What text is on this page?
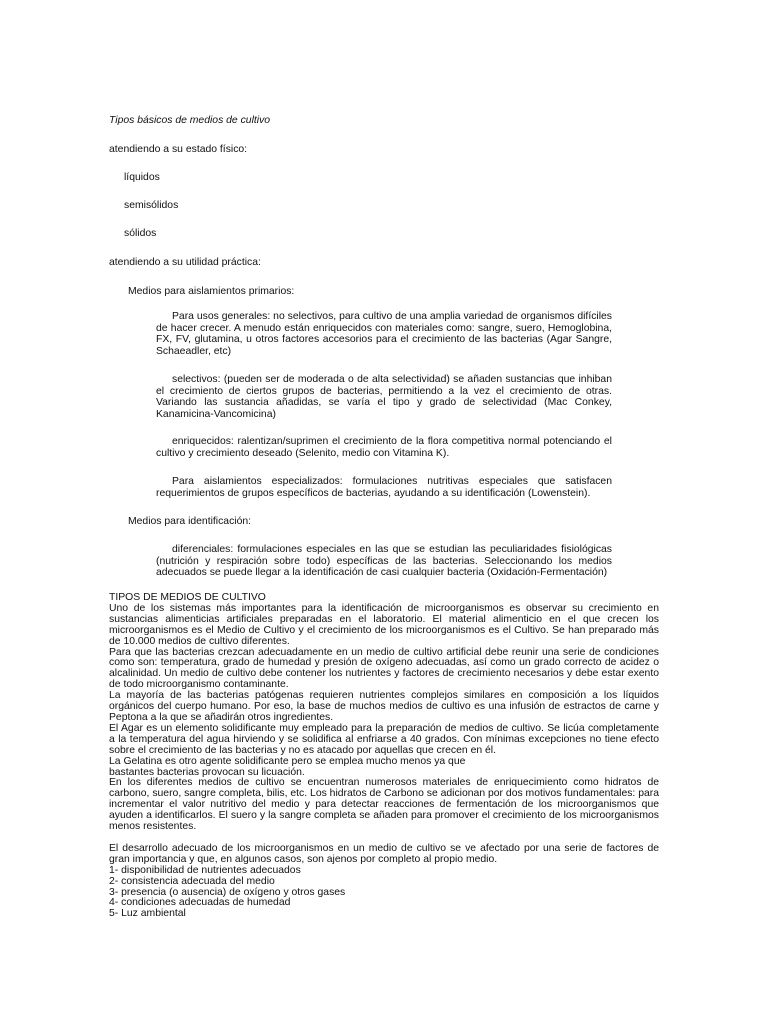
Tipos básicos de medios de cultivo
atendiendo a su estado físico:
líquidos
semisólidos
sólidos
atendiendo a su utilidad práctica:
Medios para aislamientos primarios:

Para usos generales: no selectivos, para cultivo de una amplia variedad de organismos difíciles de hacer crecer. A menudo están enriquecidos con materiales como: sangre, suero, Hemoglobina, FX, FV, glutamina, u otros factores accesorios para el crecimiento de las bacterias (Agar Sangre, Schaeadler, etc)

selectivos: (pueden ser de moderada o de alta selectividad) se añaden sustancias que inhiban el crecimiento de ciertos grupos de bacterias, permitiendo a la vez el crecimiento de otras. Variando las sustancia añadidas, se varía el tipo y grado de selectividad (Mac Conkey, Kanamicina-Vancomicina)

enriquecidos: ralentizan/suprimen el crecimiento de la flora competitiva normal potenciando el cultivo y crecimiento deseado (Selenito, medio con Vitamina K).

Para aislamientos especializados: formulaciones nutritivas especiales que satisfacen requerimientos de grupos específicos de bacterias, ayudando a su identificación (Lowenstein).

Medios para identificación:

diferenciales: formulaciones especiales en las que se estudian las peculiaridades fisiológicas (nutrición y respiración sobre todo) específicas de las bacterias. Seleccionando los medios adecuados se puede llegar a la identificación de casi cualquier bacteria (Oxidación-Fermentación)

TIPOS DE MEDIOS DE CULTIVO

Uno de los sistemas más importantes para la identificación de microorganismos es observar su crecimiento en sustancias alimenticias artificiales preparadas en el laboratorio. El material alimenticio en el que crecen los microorganismos es el Medio de Cultivo y el crecimiento de los microorganismos es el Cultivo. Se han preparado más de 10.000 medios de cultivo diferentes.

Para que las bacterias crezcan adecuadamente en un medio de cultivo artificial debe reunir una serie de condiciones como son: temperatura, grado de humedad y presión de oxígeno adecuadas, así como un grado correcto de acidez o alcalinidad. Un medio de cultivo debe contener los nutrientes y factores de crecimiento necesarios y debe estar exento de todo microorganismo contaminante.

La mayoría de las bacterias patógenas requieren nutrientes complejos similares en composición a los líquidos orgánicos del cuerpo humano. Por eso, la base de muchos medios de cultivo es una infusión de estractos de carne y Peptona a la que se añadirán otros ingredientes.

El Agar es un elemento solidificante muy empleado para la preparación de medios de cultivo. Se licúa completamente a la temperatura del agua hirviendo y se solidifica al enfriarse a 40 grados. Con mínimas excepciones no tiene efecto sobre el crecimiento de las bacterias y no es atacado por aquellas que crecen en él.

La Gelatina es otro agente solidificante pero se emplea mucho menos ya que

bastantes bacterias provocan su licuación.

En los diferentes medios de cultivo se encuentran numerosos materiales de enriquecimiento como hidratos de carbono, suero, sangre completa, bilis, etc. Los hidratos de Carbono se adicionan por dos motivos fundamentales: para incrementar el valor nutritivo del medio y para detectar reacciones de fermentación de los microorganismos que ayuden a identificarlos. El suero y la sangre completa se añaden para promover el crecimiento de los microorganismos menos resistentes.

El desarrollo adecuado de los microorganismos en un medio de cultivo se ve afectado por una serie de factores de gran importancia y que, en algunos casos, son ajenos por completo al propio medio.

1- disponibilidad de nutrientes adecuados

2- consistencia adecuada del medio

3- presencia (o ausencia) de oxígeno y otros gases

4- condiciones adecuadas de humedad

5- Luz ambiental
